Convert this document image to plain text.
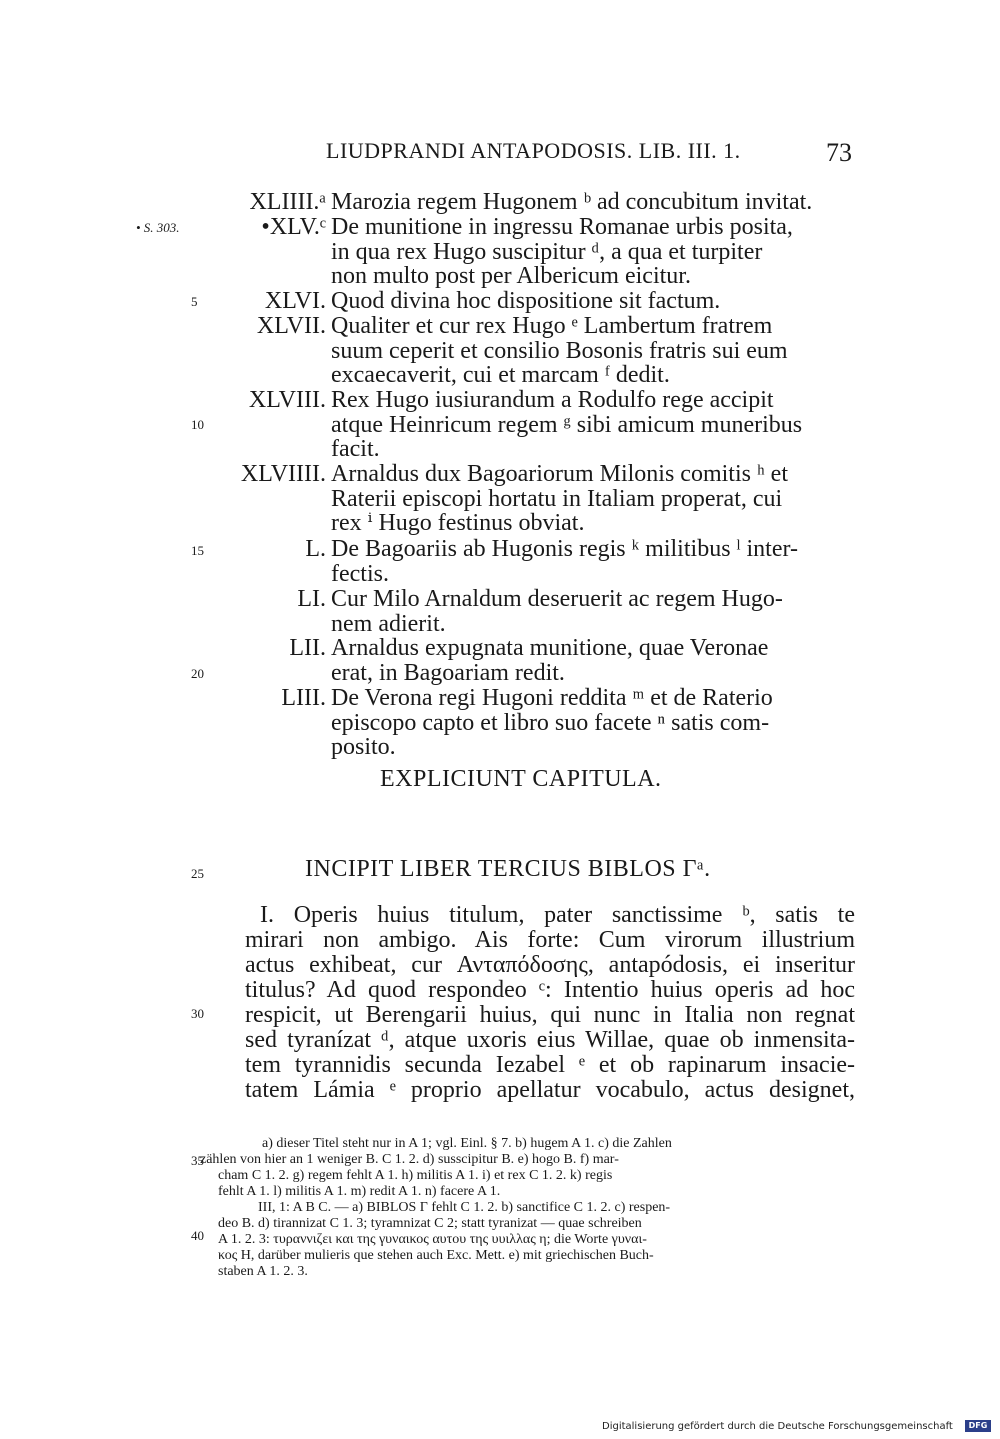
LIUDPRANDI ANTAPODOSIS. LIB. III. 1.	73
• S. 303.
5
10
15
20
25
30
35
40
XLIIII.ᵃ Marozia regem Hugonem ᵇ ad concubitum invitat.
•XLV.ᶜ De munitione in ingressu Romanae urbis posita,
in qua rex Hugo suscipitur ᵈ, a qua et turpiter
non multo post per Albericum eicitur.
XLVI. Quod divina hoc dispositione sit factum.
XLVII. Qualiter et cur rex Hugo ᵉ Lambertum fratrem
suum ceperit et consilio Bosonis fratris sui eum
excaecaverit, cui et marcam ᶠ dedit.
XLVIII. Rex Hugo iusiurandum a Rodulfo rege accipit
atque Heinricum regem ᵍ sibi amicum muneribus
facit.
XLVIIII. Arnaldus dux Bagoariorum Milonis comitis ʰ et
Raterii episcopi hortatu in Italiam properat, cui
rex ⁱ Hugo festinus obviat.
L. De Bagoariis ab Hugonis regis ᵏ militibus ˡ inter-
fectis.
LI. Cur Milo Arnaldum deseruerit ac regem Hugo-
nem adierit.
LII. Arnaldus expugnata munitione, quae Veronae
erat, in Bagoariam redit.
LIII. De Verona regi Hugoni reddita ᵐ et de Raterio
episcopo capto et libro suo facete ⁿ satis com-
posito.
EXPLICIUNT CAPITULA.
INCIPIT LIBER TERCIUS BIBLOS Γᵃ.
I. Operis huius titulum, pater sanctissime ᵇ, satis te
mirari non ambigo. Ais forte: Cum virorum illustrium
actus exhibeat, cur Ανταπόδοσης, antapódosis, ei inseritur
titulus? Ad quod respondeo ᶜ: Intentio huius operis ad hoc
respicit, ut Berengarii huius, qui nunc in Italia non regnat
sed tyranízat ᵈ, atque uxoris eius Willae, quae ob inmensita-
tem tyrannidis secunda Iezabel ᵉ et ob rapinarum insacie-
tatem Lámia ᵉ proprio apellatur vocabulo, actus designet,
a) dieser Titel steht nur in A 1; vgl. Einl. § 7. b) hugem A 1. c) die Zahlen
zählen von hier an 1 weniger B. C 1. 2. d) susscipitur B. e) hogo B. f) mar-
cham C 1. 2. g) regem fehlt A 1. h) militis A 1. i) et rex C 1. 2. k) regis
fehlt A 1. l) militis A 1. m) redit A 1. n) facere A 1.
III, 1: A B C. — a) BIBLOS Γ fehlt C 1. 2. b) sanctifice C 1. 2. c) respen-
deo B. d) tirannizat C 1. 3; tyramnizat C 2; statt tyranizat — quae schreiben
A 1. 2. 3: τυραννιζει και της γυναικος αυτου της υυιλλας η; die Worte γυναι-
κος H, darüber mulieris que stehen auch Exc. Mett. e) mit griechischen Buch-
staben A 1. 2. 3.
Digitalisierung gefördert durch die Deutsche Forschungsgemeinschaft	DFG
